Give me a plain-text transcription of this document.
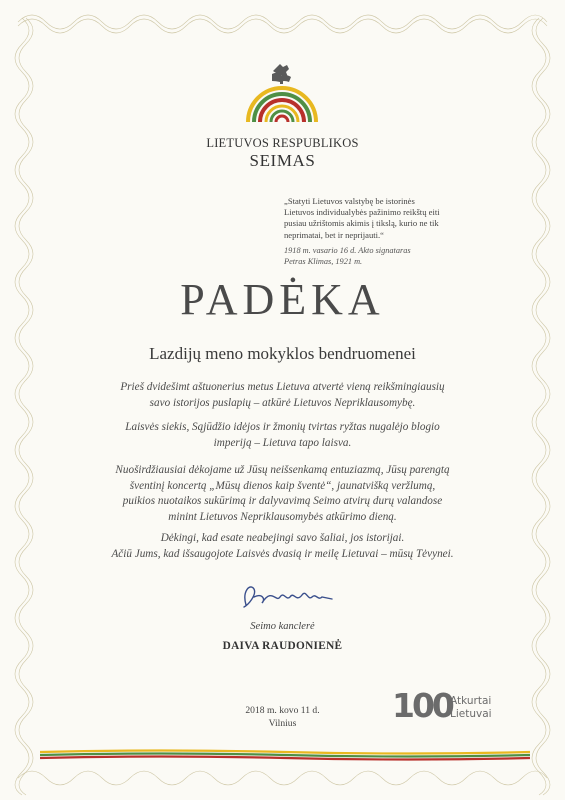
LIETUVOS RESPUBLIKOS
SEIMAS
„Statyti Lietuvos valstybę be istorinės
Lietuvos individualybės pažinimo reikštų eiti
pusiau užrištomis akimis į tikslą, kurio ne tik
neprimatai, bet ir nepriјauti.“
1918 m. vasario 16 d. Akto signataras
Petras Klimas, 1921 m.
PADĖKA
Lazdijų meno mokyklos bendruomenei
Prieš dvidešimt aštuonerius metus Lietuva atvertė vieną reikšmingiausių
savo istorijos puslapių – atkūrė Lietuvos Nepriklausomybę.
Laisvės siekis, Sąjūdžio idėjos ir žmonių tvirtas ryžtas nugalėjo blogio
imperiją – Lietuva tapo laisva.
Nuoširdžiausiai dėkojame už Jūsų neišsenkamą entuziazmą, Jūsų parengtą
šventinį koncertą „Mūsų dienos kaip šventė“, jaunatvišką veržlumą,
puikios nuotaikos sukūrimą ir dalyvavimą Seimo atvirų durų valandose
minint Lietuvos Nepriklausomybės atkūrimo dieną.
Dėkingi, kad esate neabejingi savo šaliai, jos istorijai.
Ačiū Jums, kad išsaugojote Laisvės dvasią ir meilę Lietuvai – mūsų Tėvynei.
Seimo kanclerė
DAIVA RAUDONIENĖ
2018 m. kovo 11 d.
Vilnius	100
Atkurtai
Lietuvai
